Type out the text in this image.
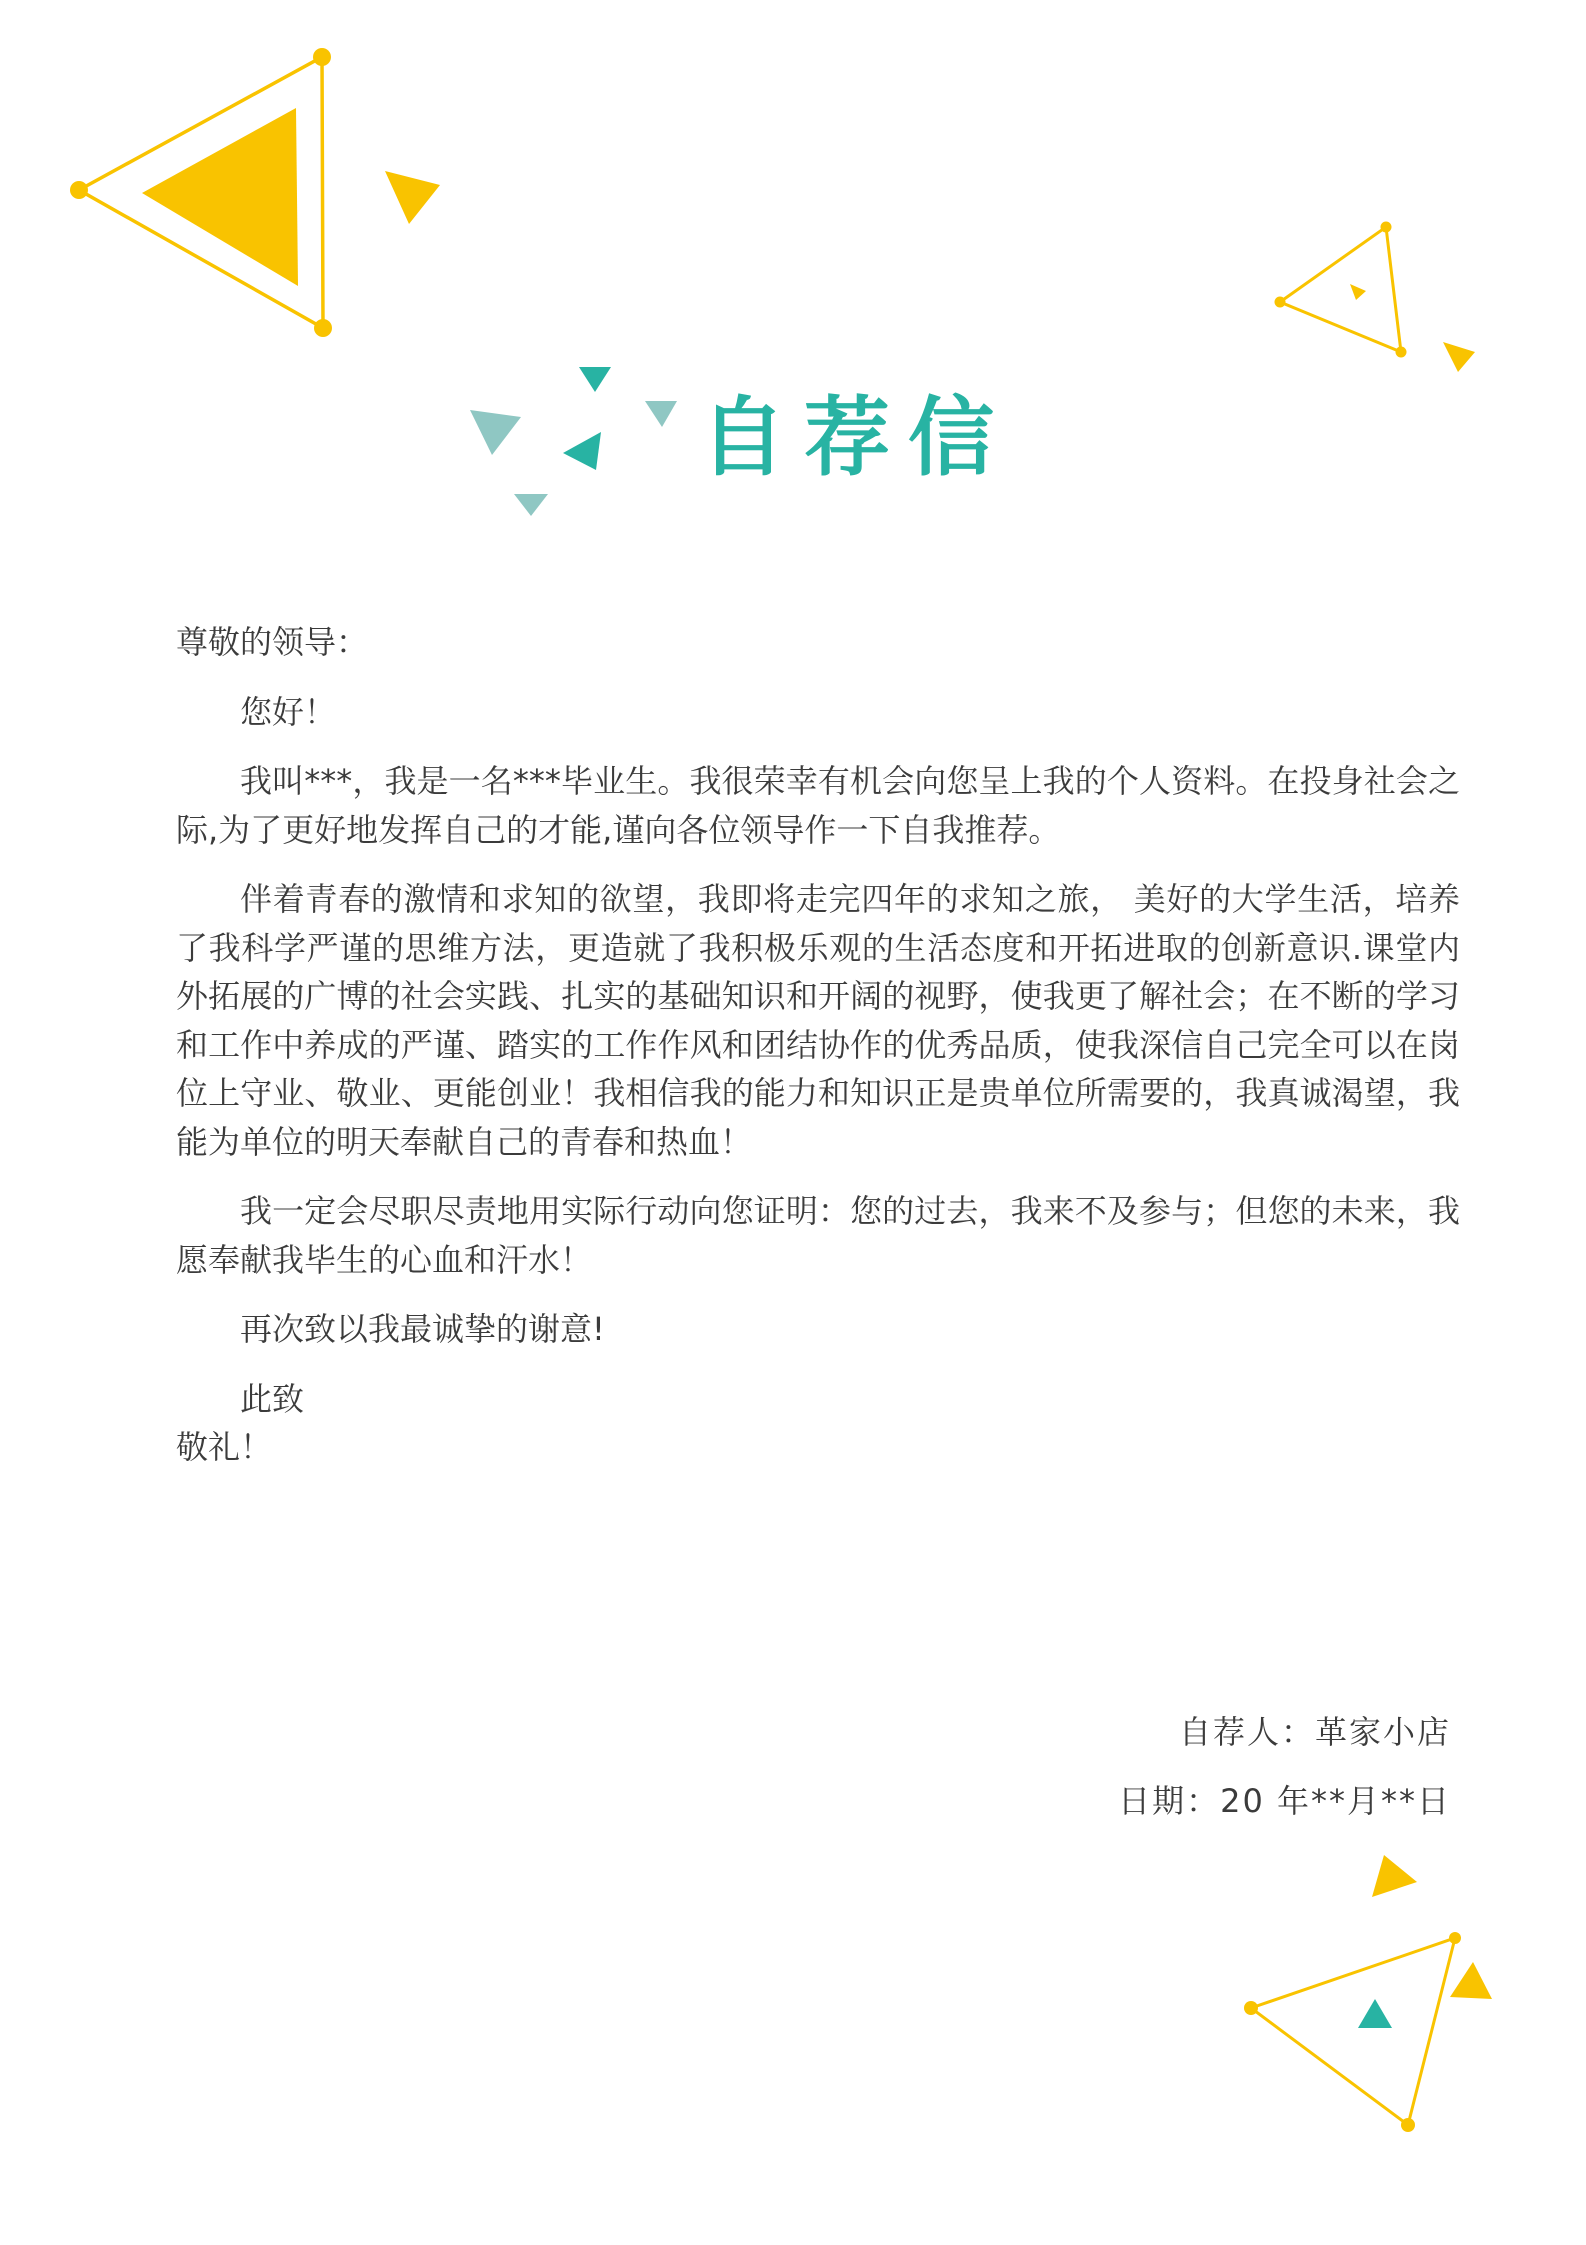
自荐信

尊敬的领导：

您好！

我叫***，我是一名***毕业生。我很荣幸有机会向您呈上我的个人资料。在投身社会之际,为了更好地发挥自己的才能,谨向各位领导作一下自我推荐。

伴着青春的激情和求知的欲望，我即将走完四年的求知之旅， 美好的大学生活，培养了我科学严谨的思维方法，更造就了我积极乐观的生活态度和开拓进取的创新意识.课堂内外拓展的广博的社会实践、扎实的基础知识和开阔的视野，使我更了解社会；在不断的学习和工作中养成的严谨、踏实的工作作风和团结协作的优秀品质，使我深信自己完全可以在岗位上守业、敬业、更能创业！我相信我的能力和知识正是贵单位所需要的，我真诚渴望，我能为单位的明天奉献自己的青春和热血！

我一定会尽职尽责地用实际行动向您证明：您的过去，我来不及参与；但您的未来，我愿奉献我毕生的心血和汗水！

再次致以我最诚挚的谢意!

此致

敬礼！

自荐人：革家小店

日期：20 年**月**日
